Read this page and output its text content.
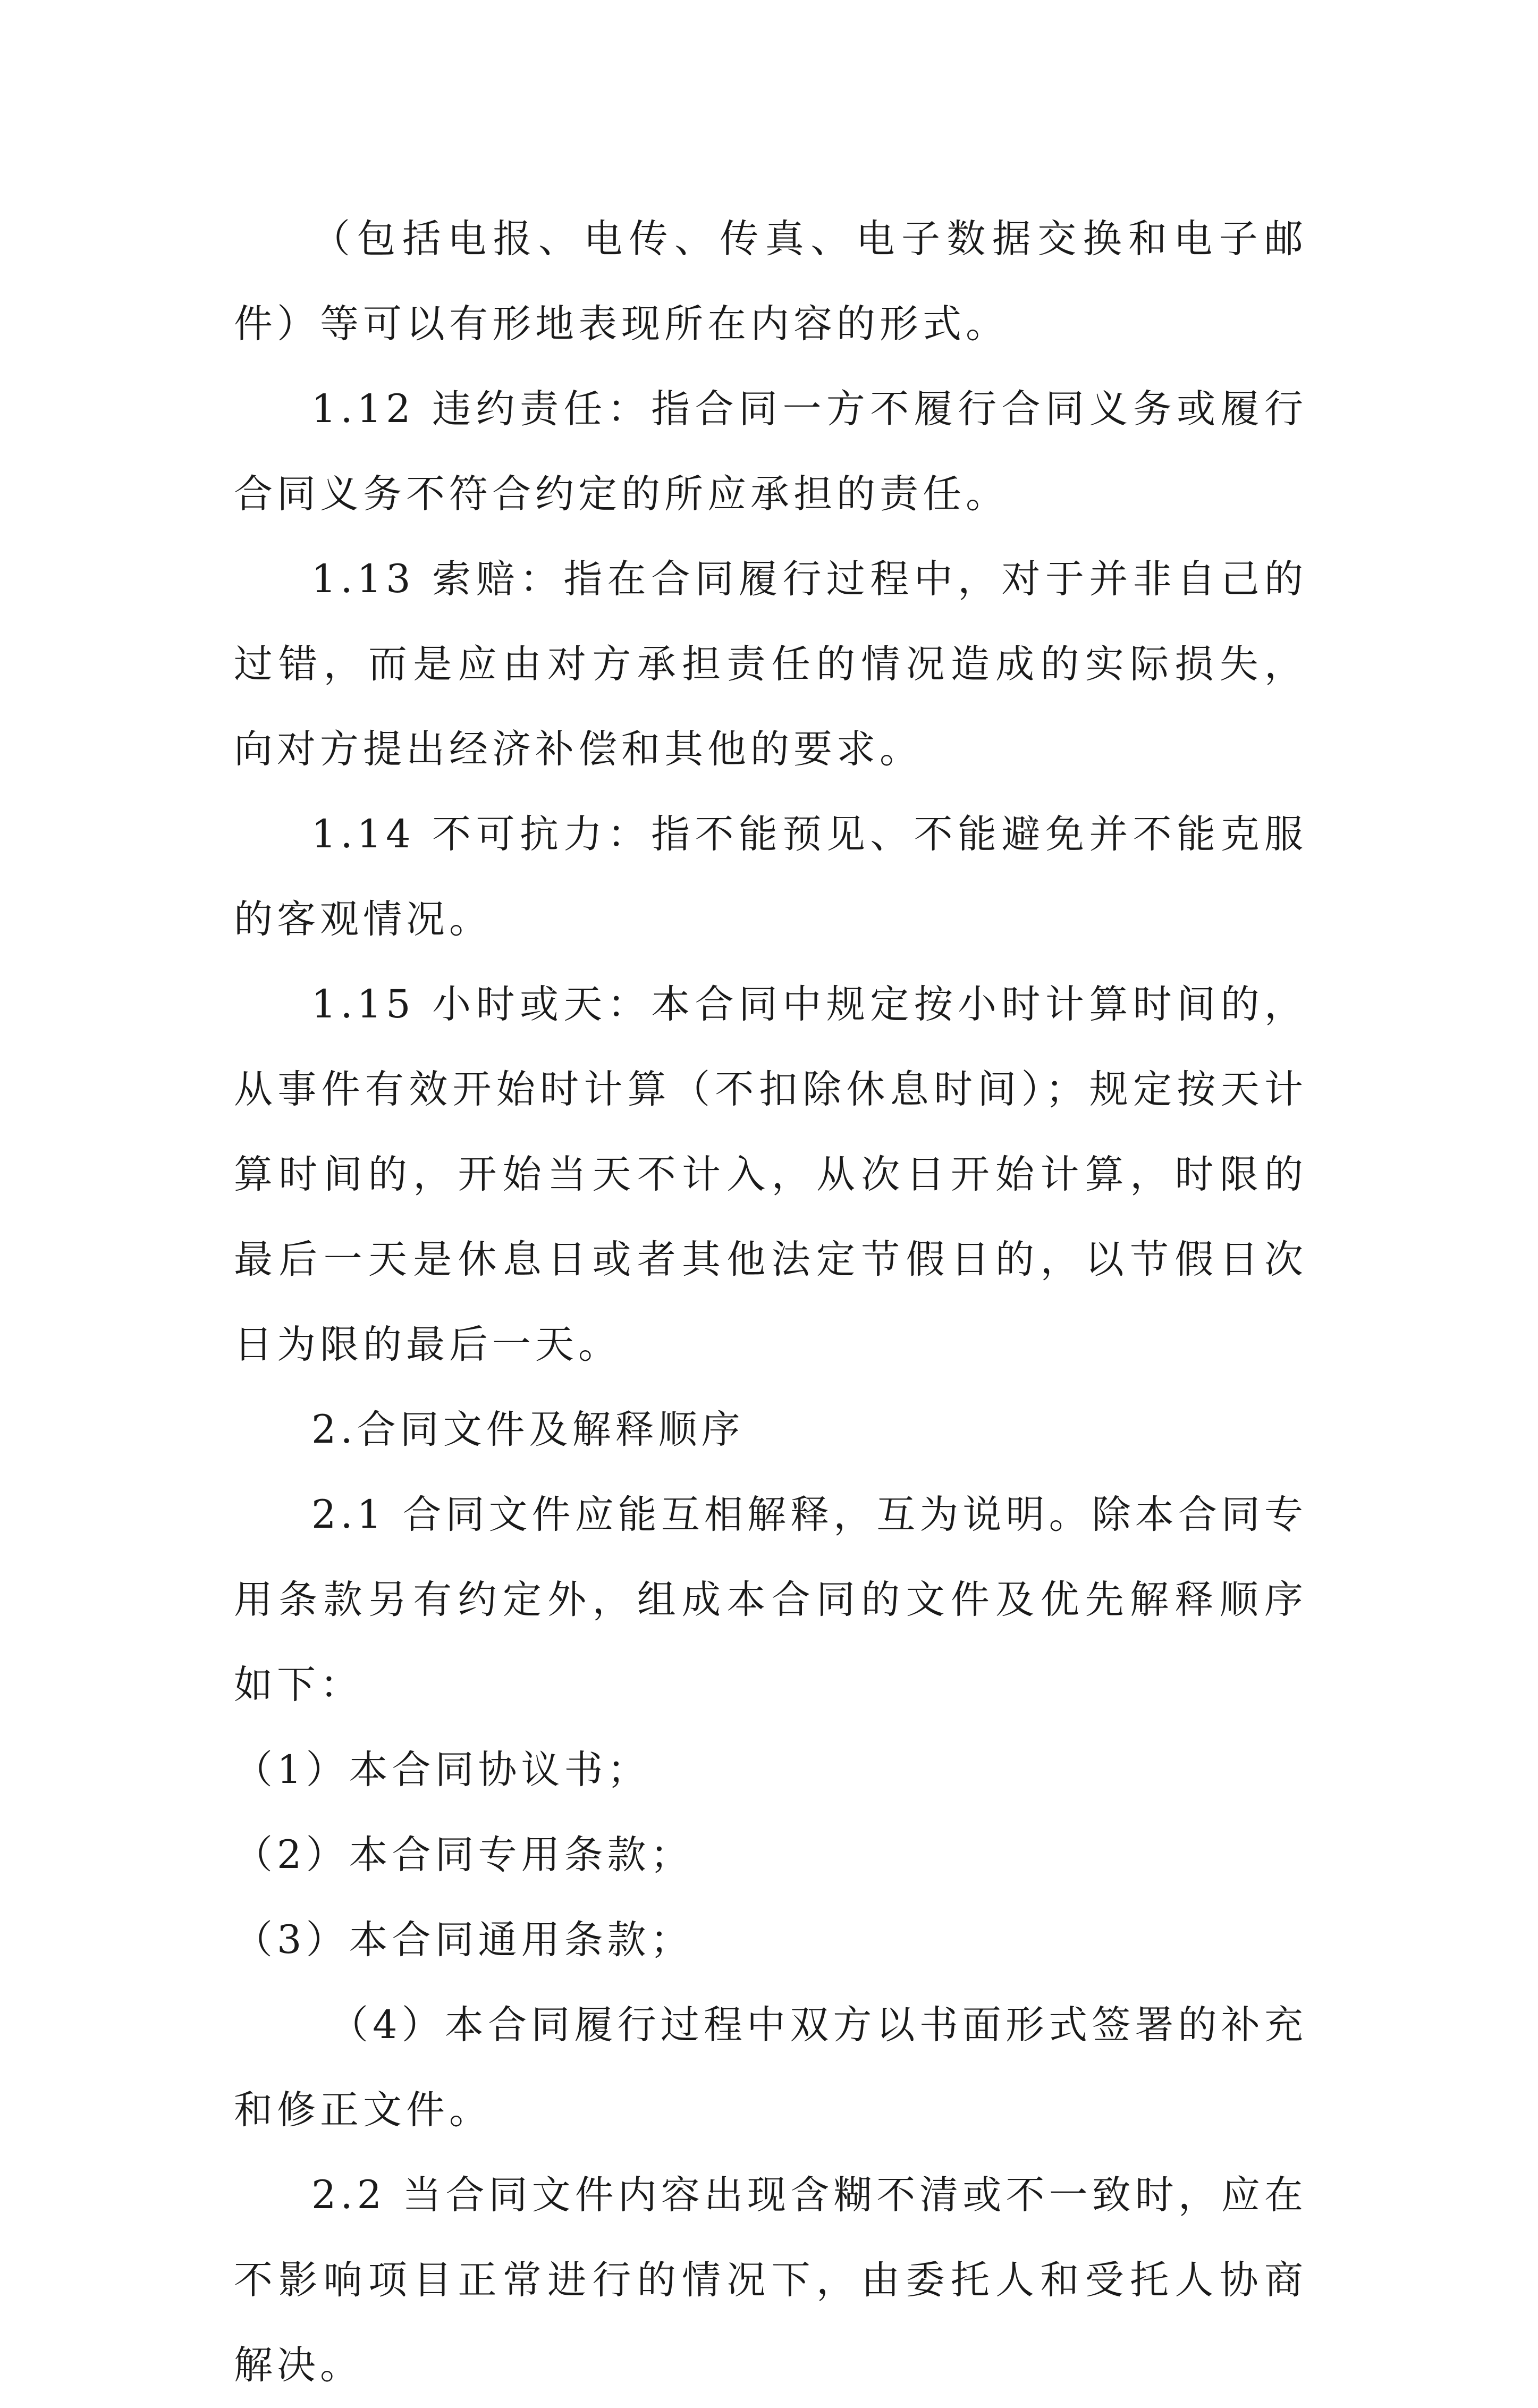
（包括电报、电传、传真、电子数据交换和电子邮件）等可以有形地表现所在内容的形式。

1.12 违约责任：指合同一方不履行合同义务或履行合同义务不符合约定的所应承担的责任。

1.13 索赔：指在合同履行过程中，对于并非自己的过错，而是应由对方承担责任的情况造成的实际损失，向对方提出经济补偿和其他的要求。

1.14 不可抗力：指不能预见、不能避免并不能克服的客观情况。

1.15 小时或天：本合同中规定按小时计算时间的，从事件有效开始时计算（不扣除休息时间）；规定按天计算时间的，开始当天不计入，从次日开始计算，时限的最后一天是休息日或者其他法定节假日的，以节假日次日为限的最后一天。

2.合同文件及解释顺序

2.1 合同文件应能互相解释，互为说明。除本合同专用条款另有约定外，组成本合同的文件及优先解释顺序如下：

（1）本合同协议书；

（2）本合同专用条款；

（3）本合同通用条款；

（4）本合同履行过程中双方以书面形式签署的补充和修正文件。

2.2 当合同文件内容出现含糊不清或不一致时，应在不影响项目正常进行的情况下，由委托人和受托人协商解决。
